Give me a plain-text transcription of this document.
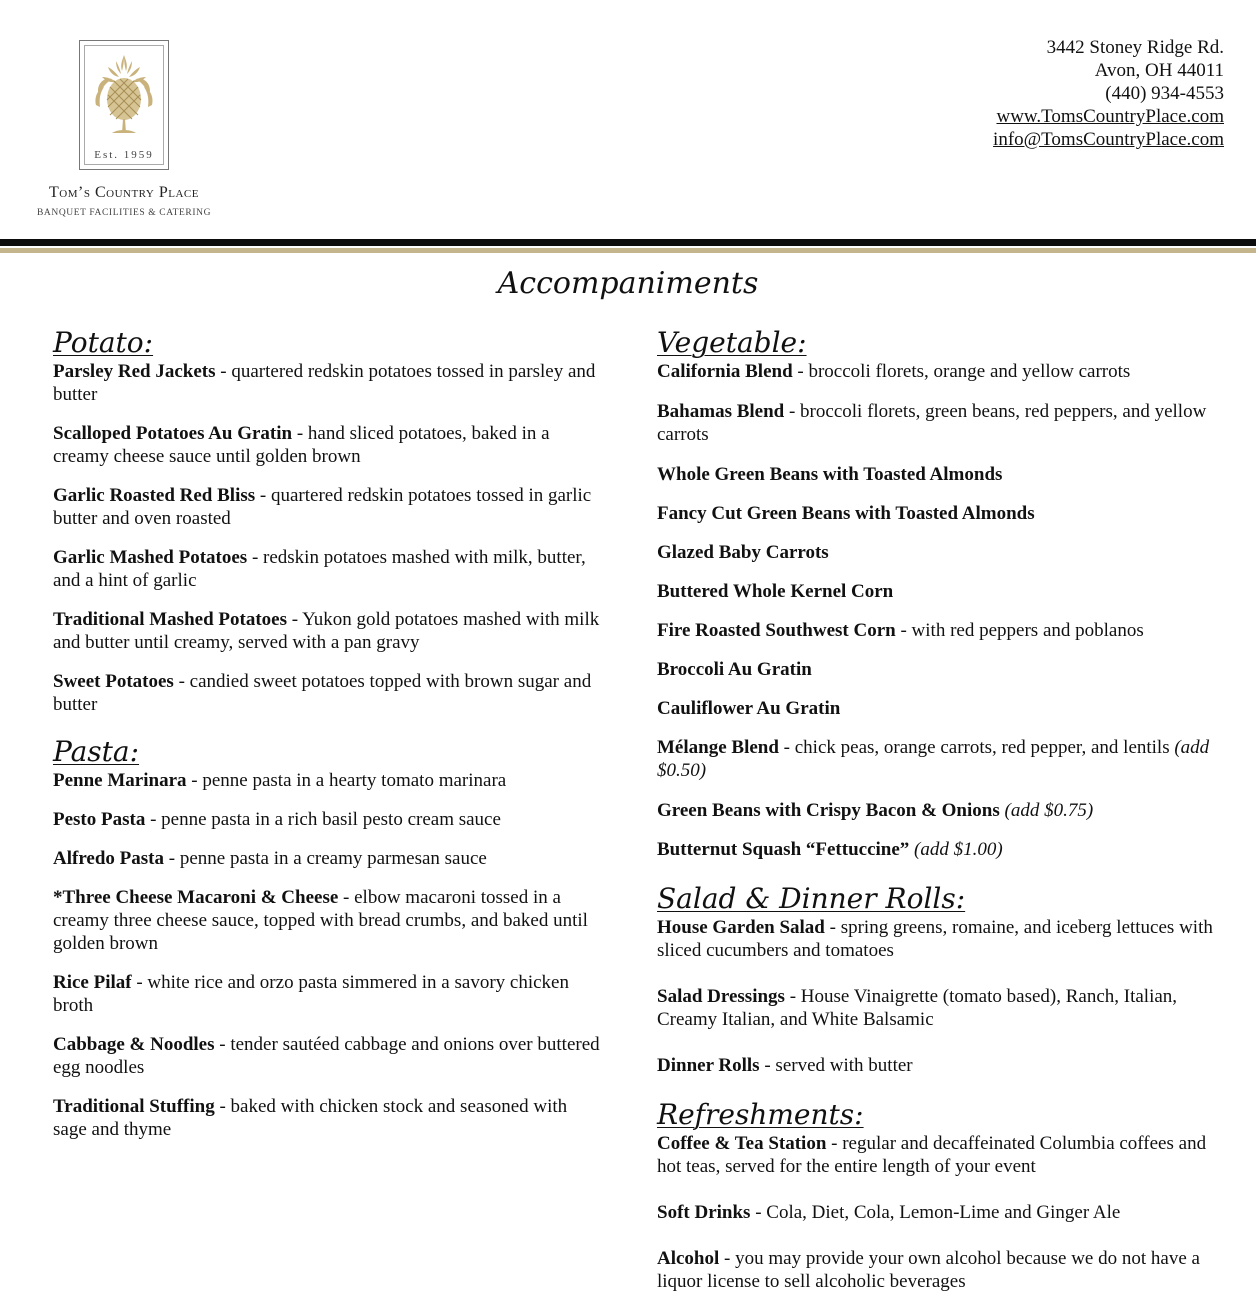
Est. 1959
Tom’s Country Place
BANQUET FACILITIES & CATERING
3442 Stoney Ridge Rd.
Avon, OH 44011
(440) 934-4553
www.TomsCountryPlace.com
info@TomsCountryPlace.com
Accompaniments
Potato:
Parsley Red Jackets - quartered redskin potatoes tossed in parsley and butter
Scalloped Potatoes Au Gratin - hand sliced potatoes, baked in a creamy cheese sauce until golden brown
Garlic Roasted Red Bliss - quartered redskin potatoes tossed in garlic butter and oven roasted
Garlic Mashed Potatoes - redskin potatoes mashed with milk, butter, and a hint of garlic
Traditional Mashed Potatoes - Yukon gold potatoes mashed with milk and butter until creamy, served with a pan gravy
Sweet Potatoes - candied sweet potatoes topped with brown sugar and butter
Pasta:
Penne Marinara - penne pasta in a hearty tomato marinara
Pesto Pasta - penne pasta in a rich basil pesto cream sauce
Alfredo Pasta - penne pasta in a creamy parmesan sauce
*Three Cheese Macaroni & Cheese - elbow macaroni tossed in a creamy three cheese sauce, topped with bread crumbs, and baked until golden brown
Rice Pilaf - white rice and orzo pasta simmered in a savory chicken broth
Cabbage & Noodles - tender sautéed cabbage and onions over buttered egg noodles
Traditional Stuffing - baked with chicken stock and seasoned with sage and thyme
Vegetable:
California Blend - broccoli florets, orange and yellow carrots
Bahamas Blend - broccoli florets, green beans, red peppers, and yellow carrots
Whole Green Beans with Toasted Almonds
Fancy Cut Green Beans with Toasted Almonds
Glazed Baby Carrots
Buttered Whole Kernel Corn
Fire Roasted Southwest Corn - with red peppers and poblanos
Broccoli Au Gratin
Cauliflower Au Gratin
Mélange Blend - chick peas, orange carrots, red pepper, and lentils (add $0.50)
Green Beans with Crispy Bacon & Onions (add $0.75)
Butternut Squash “Fettuccine” (add $1.00)
Salad & Dinner Rolls:
House Garden Salad - spring greens, romaine, and iceberg lettuces with sliced cucumbers and tomatoes
Salad Dressings - House Vinaigrette (tomato based), Ranch, Italian, Creamy Italian, and White Balsamic
Dinner Rolls - served with butter
Refreshments:
Coffee & Tea Station - regular and decaffeinated Columbia coffees and hot teas, served for the entire length of your event
Soft Drinks - Cola, Diet, Cola, Lemon-Lime and Ginger Ale
Alcohol - you may provide your own alcohol because we do not have a liquor license to sell alcoholic beverages
